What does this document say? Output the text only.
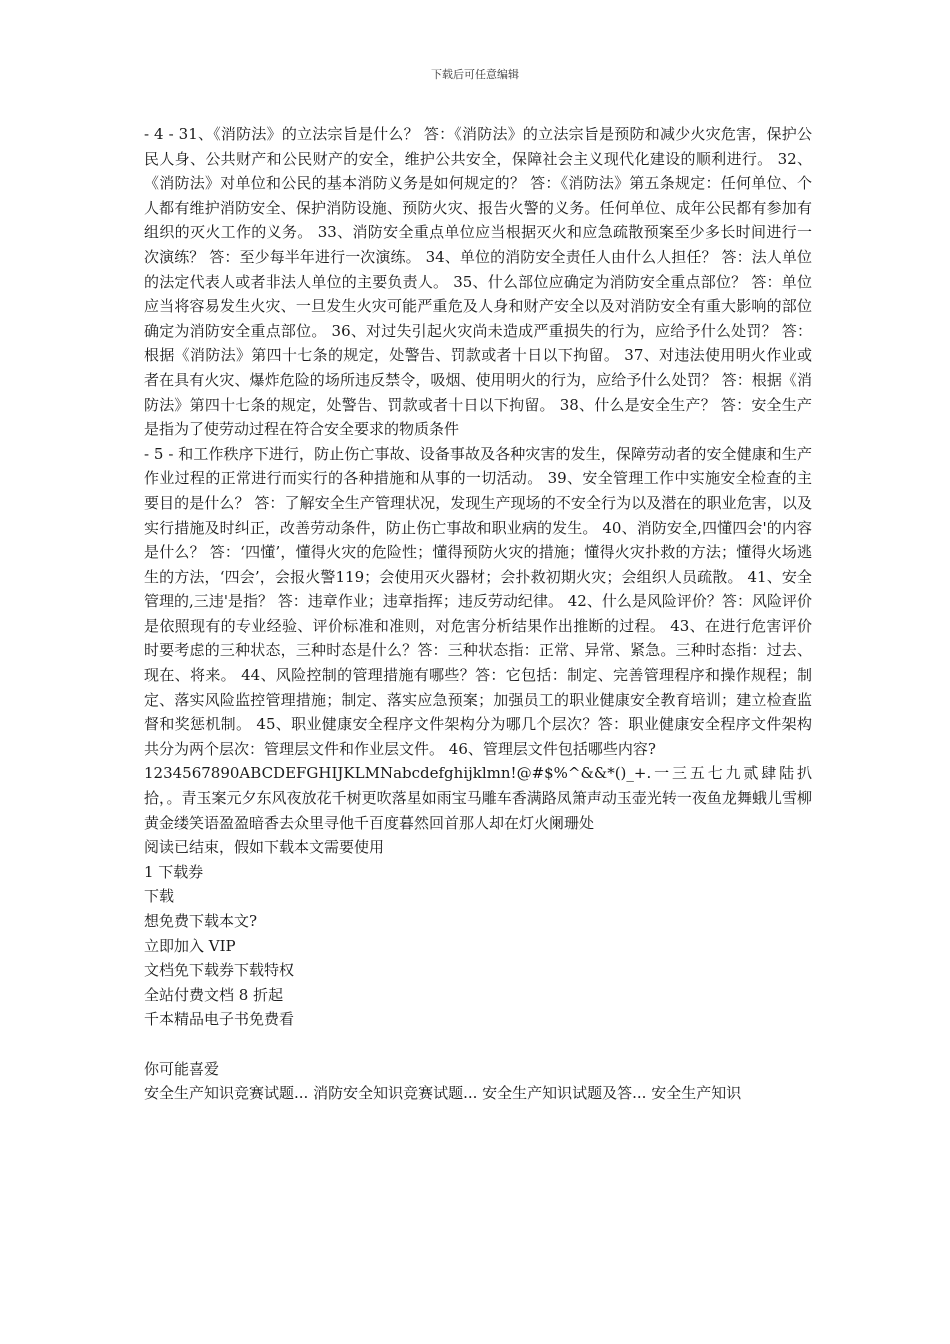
下载后可任意编辑

- 4 - 31、《消防法》的立法宗旨是什么？ 答：《消防法》的立法宗旨是预防和减少火灾危害，保护公民人身、公共财产和公民财产的安全，维护公共安全，保障社会主义现代化建设的顺利进行。 32、《消防法》对单位和公民的基本消防义务是如何规定的？ 答：《消防法》第五条规定：任何单位、个人都有维护消防安全、保护消防设施、预防火灾、报告火警的义务。任何单位、成年公民都有参加有组织的灭火工作的义务。 33、消防安全重点单位应当根据灭火和应急疏散预案至少多长时间进行一次演练？ 答：至少每半年进行一次演练。 34、单位的消防安全责任人由什么人担任？ 答：法人单位的法定代表人或者非法人单位的主要负责人。 35、什么部位应确定为消防安全重点部位？ 答：单位应当将容易发生火灾、一旦发生火灾可能严重危及人身和财产安全以及对消防安全有重大影响的部位确定为消防安全重点部位。 36、对过失引起火灾尚未造成严重损失的行为，应给予什么处罚？ 答：根据《消防法》第四十七条的规定，处警告、罚款或者十日以下拘留。 37、对违法使用明火作业或者在具有火灾、爆炸危险的场所违反禁令，吸烟、使用明火的行为，应给予什么处罚？ 答：根据《消防法》第四十七条的规定，处警告、罚款或者十日以下拘留。 38、什么是安全生产？ 答：安全生产是指为了使劳动过程在符合安全要求的物质条件

- 5 - 和工作秩序下进行，防止伤亡事故、设备事故及各种灾害的发生，保障劳动者的安全健康和生产作业过程的正常进行而实行的各种措施和从事的一切活动。 39、安全管理工作中实施安全检查的主要目的是什么？ 答：了解安全生产管理状况，发现生产现场的不安全行为以及潜在的职业危害，以及实行措施及时纠正，改善劳动条件，防止伤亡事故和职业病的发生。 40、消防安全,四懂四会'的内容是什么？ 答：‘四懂’，懂得火灾的危险性；懂得预防火灾的措施；懂得火灾扑救的方法；懂得火场逃生的方法，‘四会’，会报火警119；会使用灭火器材；会扑救初期火灾；会组织人员疏散。 41、安全管理的,三违'是指？ 答：违章作业；违章指挥；违反劳动纪律。 42、什么是风险评价？答：风险评价是依照现有的专业经验、评价标准和准则，对危害分析结果作出推断的过程。 43、在进行危害评价时要考虑的三种状态，三种时态是什么？答：三种状态指：正常、异常、紧急。三种时态指：过去、现在、将来。 44、风险控制的管理措施有哪些？答：它包括：制定、完善管理程序和操作规程；制定、落实风险监控管理措施；制定、落实应急预案；加强员工的职业健康安全教育培训；建立检查监督和奖惩机制。 45、职业健康安全程序文件架构分为哪几个层次？答：职业健康安全程序文件架构共分为两个层次：管理层文件和作业层文件。 46、管理层文件包括哪些内容?

1234567890ABCDEFGHIJKLMNabcdefghijklmn!@#$%^&&*()_+.一三五七九贰肆陆扒拾，。青玉案元夕东风夜放花千树更吹落星如雨宝马雕车香满路凤箫声动玉壶光转一夜鱼龙舞蛾儿雪柳黄金缕笑语盈盈暗香去众里寻他千百度暮然回首那人却在灯火阑珊处

阅读已结束，假如下载本文需要使用

1 下载券

下载

想免费下载本文?

立即加入 VIP

文档免下载券下载特权

全站付费文档 8 折起

千本精品电子书免费看

你可能喜爱

安全生产知识竞赛试题... 消防安全知识竞赛试题... 安全生产知识试题及答... 安全生产知识
